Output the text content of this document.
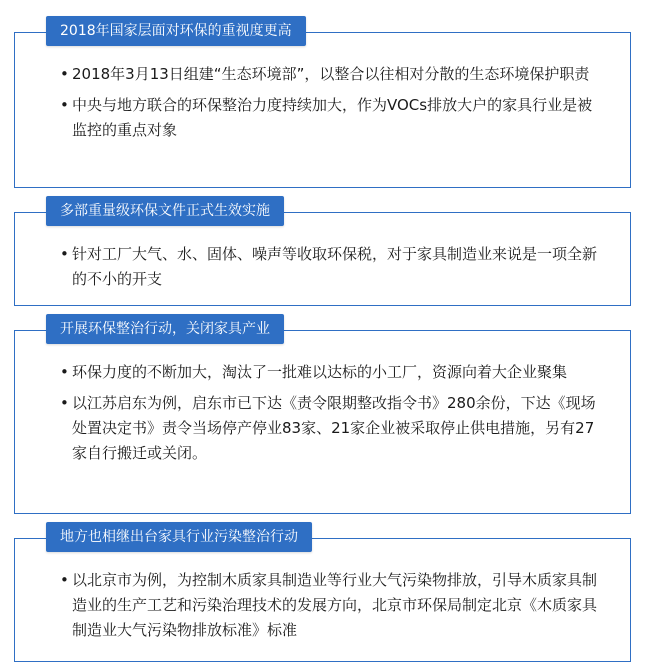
2018年国家层面对环保的重视度更高
• 2018年3月13日组建“生态环境部”，以整合以往相对分散的生态环境保护职责
• 中央与地方联合的环保整治力度持续加大，作为VOCs排放大户的家具行业是被监控的重点对象
多部重量级环保文件正式生效实施
• 针对工厂大气、水、固体、噪声等收取环保税，对于家具制造业来说是一项全新的不小的开支
开展环保整治行动，关闭家具产业
• 环保力度的不断加大，淘汰了一批难以达标的小工厂，资源向着大企业聚集
• 以江苏启东为例，启东市已下达《责令限期整改指令书》280余份，下达《现场处置决定书》责令当场停产停业83家、21家企业被采取停止供电措施，另有27家自行搬迁或关闭。
地方也相继出台家具行业污染整治行动
• 以北京市为例，为控制木质家具制造业等行业大气污染物排放，引导木质家具制造业的生产工艺和污染治理技术的发展方向，北京市环保局制定北京《木质家具制造业大气污染物排放标准》标准
